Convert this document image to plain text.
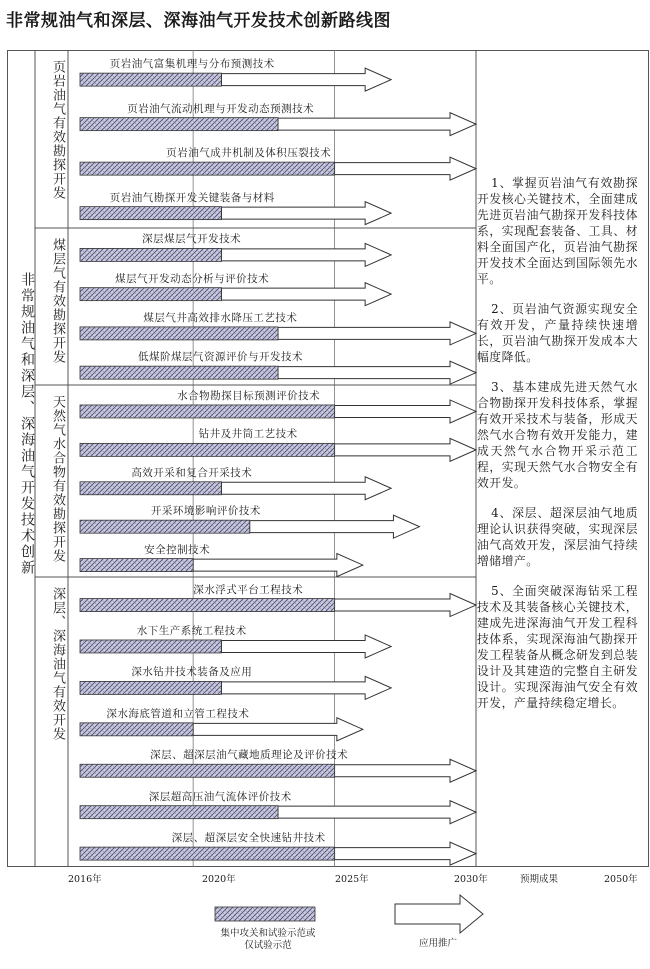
非常规油气和深层、深海油气开发技术创新路线图
非常规油气和深层、深海油气开发技术创新
页岩油气有效勘探开发
煤层气有效勘探开发
天然气水合物有效勘探开发
深层、深海油气有效开发
页岩油气富集机理与分布预测技术
页岩油气流动机理与开发动态预测技术
页岩油气成井机制及体积压裂技术
页岩油气勘探开发关键装备与材料
深层煤层气开发技术
煤层气开发动态分析与评价技术
煤层气井高效排水降压工艺技术
低煤阶煤层气资源评价与开发技术
水合物勘探目标预测评价技术
钻井及井筒工艺技术
高效开采和复合开采技术
开采环境影响评价技术
安全控制技术
深水浮式平台工程技术
水下生产系统工程技术
深水钻井技术装备及应用
深水海底管道和立管工程技术
深层、超深层油气藏地质理论及评价技术
深层超高压油气流体评价技术
深层、超深层安全快速钻井技术

1、掌握页岩油气有效勘探开发核心关键技术，全面建成先进页岩油气勘探开发科技体系，实现配套装备、工具、材料全面国产化，页岩油气勘探开发技术全面达到国际领先水平。

2、页岩油气资源实现安全有效开发，产量持续快速增长，页岩油气勘探开发成本大幅度降低。

3、基本建成先进天然气水合物勘探开发科技体系，掌握有效开采技术与装备，形成天然气水合物有效开发能力，建成天然气水合物开采示范工程，实现天然气水合物安全有效开发。

4、深层、超深层油气地质理论认识获得突破，实现深层油气高效开发，深层油气持续增储增产。

5、全面突破深海钻采工程技术及其装备核心关键技术，建成先进深海油气开发工程科技体系，实现深海油气勘探开发工程装备从概念研发到总装设计及其建造的完整自主研发设计。实现深海油气安全有效开发，产量持续稳定增长。

2016年	2020年	2025年	2030年	预期成果	2050年
集中攻关和试验示范或仅试验示范	应用推广
